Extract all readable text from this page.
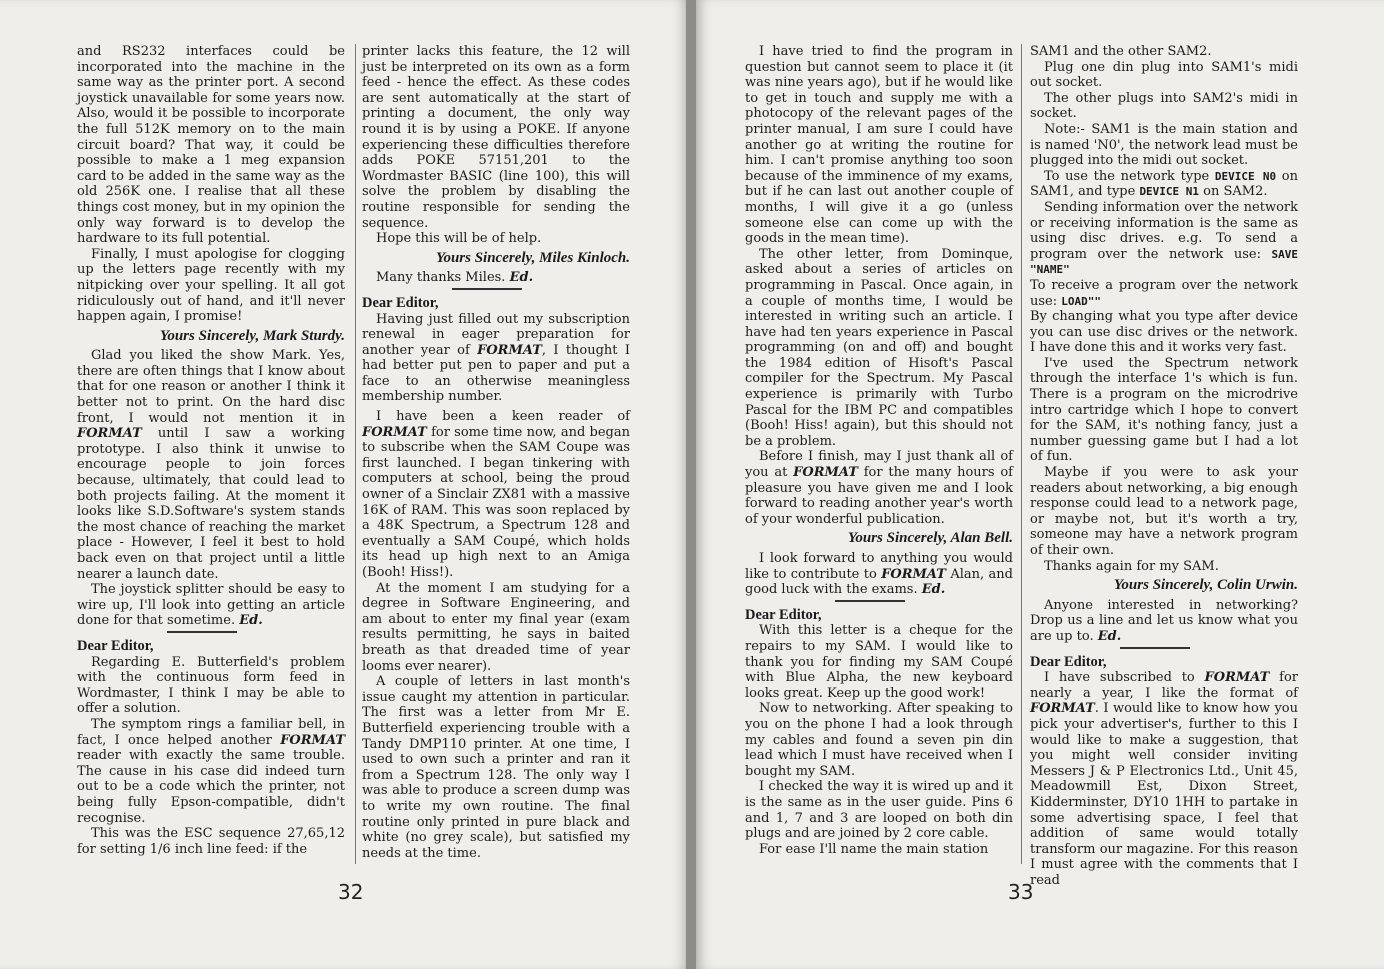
and RS232 interfaces could be incorporated into the machine in the same way as the printer port. A second joystick unavailable for some years now. Also, would it be possible to incorporate the full 512K memory on to the main circuit board? That way, it could be possible to make a 1 meg expansion card to be added in the same way as the old 256K one. I realise that all these things cost money, but in my opinion the only way forward is to develop the hardware to its full potential.

Finally, I must apologise for clogging up the letters page recently with my nitpicking over your spelling. It all got ridiculously out of hand, and it'll never happen again, I promise!

Yours Sincerely, Mark Sturdy.

Glad you liked the show Mark. Yes, there are often things that I know about that for one reason or another I think it better not to print. On the hard disc front, I would not mention it in FORMAT until I saw a working prototype. I also think it unwise to encourage people to join forces because, ultimately, that could lead to both projects failing. At the moment it looks like S.D.Software's system stands the most chance of reaching the market place - However, I feel it best to hold back even on that project until a little nearer a launch date.

The joystick splitter should be easy to wire up, I'll look into getting an article done for that sometime. Ed.

Dear Editor,

Regarding E. Butterfield's problem with the continuous form feed in Wordmaster, I think I may be able to offer a solution.

The symptom rings a familiar bell, in fact, I once helped another FORMAT reader with exactly the same trouble. The cause in his case did indeed turn out to be a code which the printer, not being fully Epson-compatible, didn't recognise.

This was the ESC sequence 27,65,12 for setting 1/6 inch line feed: if the

printer lacks this feature, the 12 will just be interpreted on its own as a form feed - hence the effect. As these codes are sent automatically at the start of printing a document, the only way round it is by using a POKE. If anyone experiencing these difficulties therefore adds POKE 57151,201 to the Wordmaster BASIC (line 100), this will solve the problem by disabling the routine responsible for sending the sequence.

Hope this will be of help.

Yours Sincerely, Miles Kinloch.

Many thanks Miles. Ed.

Dear Editor,

Having just filled out my subscription renewal in eager preparation for another year of FORMAT, I thought I had better put pen to paper and put a face to an otherwise meaningless membership number.

I have been a keen reader of FORMAT for some time now, and began to subscribe when the SAM Coupe was first launched. I began tinkering with computers at school, being the proud owner of a Sinclair ZX81 with a massive 16K of RAM. This was soon replaced by a 48K Spectrum, a Spectrum 128 and eventually a SAM Coupé, which holds its head up high next to an Amiga (Booh! Hiss!).

At the moment I am studying for a degree in Software Engineering, and am about to enter my final year (exam results permitting, he says in baited breath as that dreaded time of year looms ever nearer).

A couple of letters in last month's issue caught my attention in particular. The first was a letter from Mr E. Butterfield experiencing trouble with a Tandy DMP110 printer. At one time, I used to own such a printer and ran it from a Spectrum 128. The only way I was able to produce a screen dump was to write my own routine. The final routine only printed in pure black and white (no grey scale), but satisfied my needs at the time.

32

I have tried to find the program in question but cannot seem to place it (it was nine years ago), but if he would like to get in touch and supply me with a photocopy of the relevant pages of the printer manual, I am sure I could have another go at writing the routine for him. I can't promise anything too soon because of the imminence of my exams, but if he can last out another couple of months, I will give it a go (unless someone else can come up with the goods in the mean time).

The other letter, from Dominque, asked about a series of articles on programming in Pascal. Once again, in a couple of months time, I would be interested in writing such an article. I have had ten years experience in Pascal programming (on and off) and bought the 1984 edition of Hisoft's Pascal compiler for the Spectrum. My Pascal experience is primarily with Turbo Pascal for the IBM PC and compatibles (Booh! Hiss! again), but this should not be a problem.

Before I finish, may I just thank all of you at FORMAT for the many hours of pleasure you have given me and I look forward to reading another year's worth of your wonderful publication.

Yours Sincerely, Alan Bell.

I look forward to anything you would like to contribute to FORMAT Alan, and good luck with the exams. Ed.

Dear Editor,

With this letter is a cheque for the repairs to my SAM. I would like to thank you for finding my SAM Coupé with Blue Alpha, the new keyboard looks great. Keep up the good work!

Now to networking. After speaking to you on the phone I had a look through my cables and found a seven pin din lead which I must have received when I bought my SAM.

I checked the way it is wired up and it is the same as in the user guide. Pins 6 and 1, 7 and 3 are looped on both din plugs and are joined by 2 core cable.

For ease I'll name the main station

SAM1 and the other SAM2.

Plug one din plug into SAM1's midi out socket.

The other plugs into SAM2's midi in socket.

Note:- SAM1 is the main station and is named 'N0', the network lead must be plugged into the midi out socket.

To use the network type DEVICE N0 on SAM1, and type DEVICE N1 on SAM2.

Sending information over the network or receiving information is the same as using disc drives. e.g. To send a program over the network use: SAVE "NAME"

To receive a program over the network use: LOAD""

By changing what you type after device you can use disc drives or the network. I have done this and it works very fast.

I've used the Spectrum network through the interface 1's which is fun. There is a program on the microdrive intro cartridge which I hope to convert for the SAM, it's nothing fancy, just a number guessing game but I had a lot of fun.

Maybe if you were to ask your readers about networking, a big enough response could lead to a network page, or maybe not, but it's worth a try, someone may have a network program of their own.

Thanks again for my SAM.

Yours Sincerely, Colin Urwin.

Anyone interested in networking? Drop us a line and let us know what you are up to. Ed.

Dear Editor,

I have subscribed to FORMAT for nearly a year, I like the format of FORMAT. I would like to know how you pick your advertiser's, further to this I would like to make a suggestion, that you might well consider inviting Messers J & P Electronics Ltd., Unit 45, Meadowmill Est, Dixon Street, Kidderminster, DY10 1HH to partake in some advertising space, I feel that addition of same would totally transform our magazine. For this reason I must agree with the comments that I read

33
